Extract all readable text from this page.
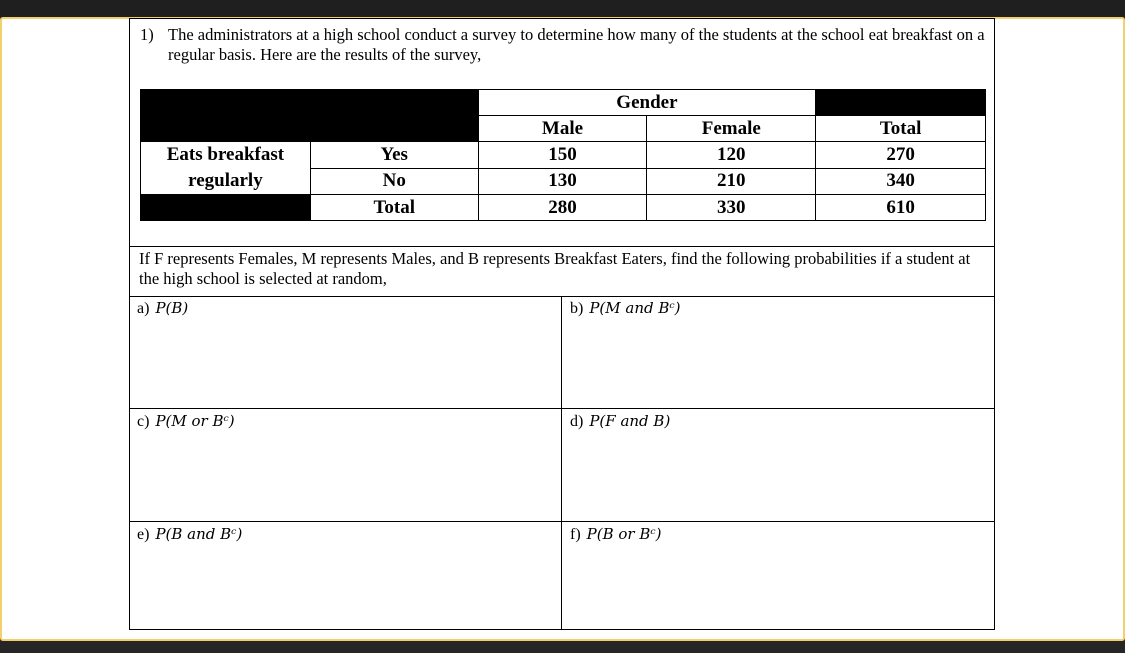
1) The administrators at a high school conduct a survey to determine how many of the students at the school eat breakfast on a regular basis. Here are the results of the survey,
		Gender		
		Male	Female	Total
Eats breakfast regularly	Yes	150	120	270
	No	130	210	340
	Total	280	330	610
If F represents Females, M represents Males, and B represents Breakfast Eaters, find the following probabilities if a student at the high school is selected at random,
a) P(B)	b) P(M and Bᶜ)
c) P(M or Bᶜ)	d) P(F and B)
e) P(B and Bᶜ)	f) P(B or Bᶜ)
